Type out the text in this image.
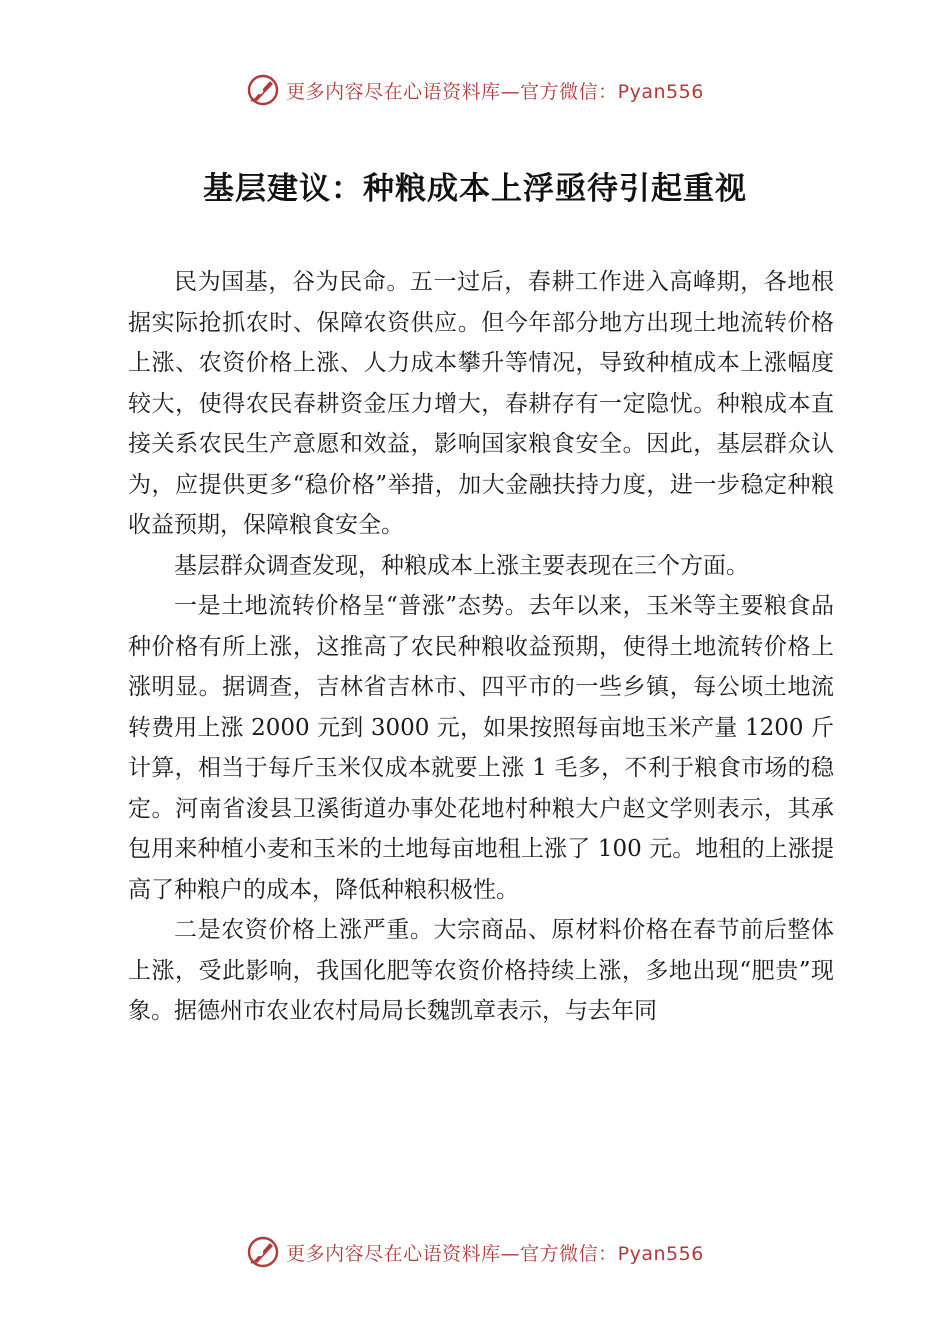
更多内容尽在心语资料库—官方微信：Pyan556
基层建议：种粮成本上浮亟待引起重视

民为国基，谷为民命。五一过后，春耕工作进入高峰期，各地根据实际抢抓农时、保障农资供应。但今年部分地方出现土地流转价格上涨、农资价格上涨、人力成本攀升等情况，导致种植成本上涨幅度较大，使得农民春耕资金压力增大，春耕存有一定隐忧。种粮成本直接关系农民生产意愿和效益，影响国家粮食安全。因此，基层群众认为，应提供更多“稳价格”举措，加大金融扶持力度，进一步稳定种粮收益预期，保障粮食安全。

基层群众调查发现，种粮成本上涨主要表现在三个方面。

一是土地流转价格呈“普涨”态势。去年以来，玉米等主要粮食品种价格有所上涨，这推高了农民种粮收益预期，使得土地流转价格上涨明显。据调查，吉林省吉林市、四平市的一些乡镇，每公顷土地流转费用上涨 2000 元到 3000 元，如果按照每亩地玉米产量 1200 斤计算，相当于每斤玉米仅成本就要上涨 1 毛多，不利于粮食市场的稳定。河南省浚县卫溪街道办事处花地村种粮大户赵文学则表示，其承包用来种植小麦和玉米的土地每亩地租上涨了 100 元。地租的上涨提高了种粮户的成本，降低种粮积极性。

二是农资价格上涨严重。大宗商品、原材料价格在春节前后整体上涨，受此影响，我国化肥等农资价格持续上涨，多地出现“肥贵”现象。据德州市农业农村局局长魏凯章表示，与去年同

更多内容尽在心语资料库—官方微信：Pyan556
